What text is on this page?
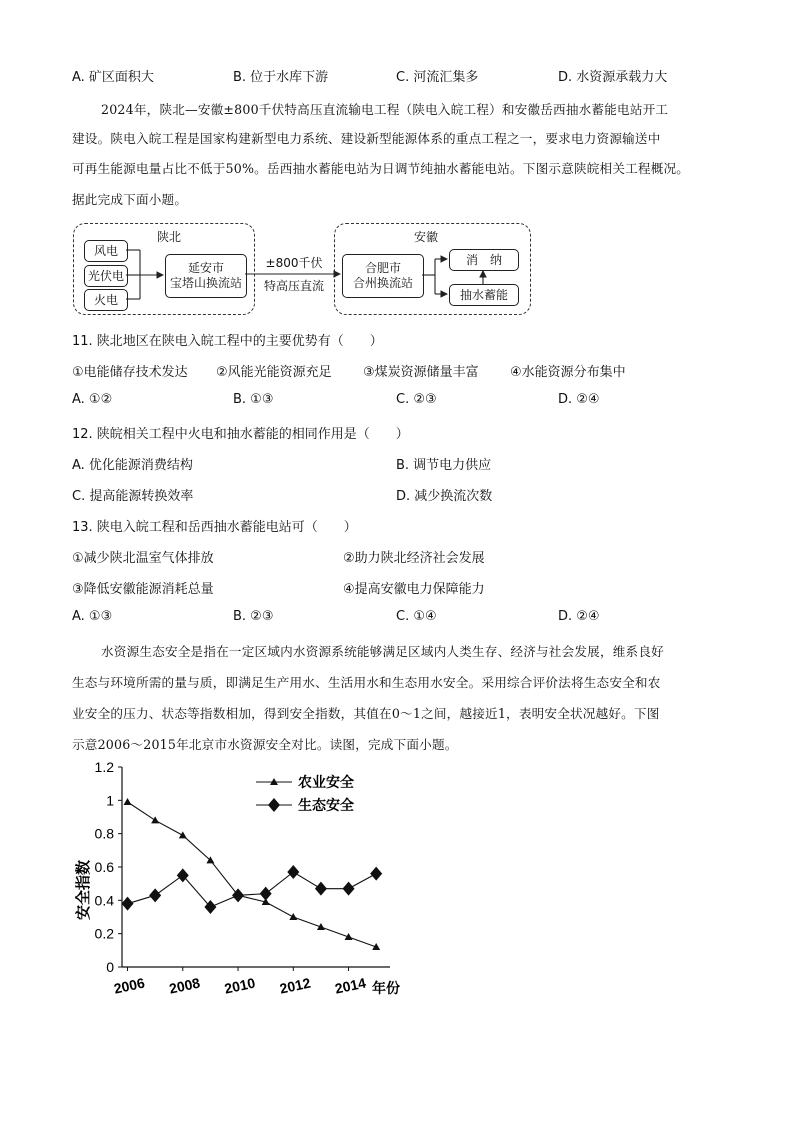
A. 矿区面积大	B. 位于水库下游	C. 河流汇集多	D. 水资源承载力大
2024年，陕北—安徽±800千伏特高压直流输电工程（陕电入皖工程）和安徽岳西抽水蓄能电站开工
建设。陕电入皖工程是国家构建新型电力系统、建设新型能源体系的重点工程之一，要求电力资源输送中
可再生能源电量占比不低于50%。岳西抽水蓄能电站为日调节纯抽水蓄能电站。下图示意陕皖相关工程概况。
据此完成下面小题。
陕北	安徽
风电
光伏电
火电
延安市
宝塔山换流站
±800千伏
特高压直流
合肥市
合州换流站
消　纳
抽水蓄能
11. 陕北地区在陕电入皖工程中的主要优势有（　　）
①电能储存技术发达 ②风能光能资源充足 ③煤炭资源储量丰富 ④水能资源分布集中
A. ①②	B. ①③	C. ②③	D. ②④
12. 陕皖相关工程中火电和抽水蓄能的相同作用是（　　）
A. 优化能源消费结构	B. 调节电力供应
C. 提高能源转换效率	D. 减少换流次数
13. 陕电入皖工程和岳西抽水蓄能电站可（　　）
①减少陕北温室气体排放	②助力陕北经济社会发展
③降低安徽能源消耗总量	④提高安徽电力保障能力
A. ①③	B. ②③	C. ①④	D. ②④
水资源生态安全是指在一定区域内水资源系统能够满足区域内人类生存、经济与社会发展，维系良好
生态与环境所需的量与质，即满足生产用水、生活用水和生态用水安全。采用综合评价法将生态安全和农
业安全的压力、状态等指数相加，得到安全指数，其值在0～1之间，越接近1，表明安全状况越好。下图
示意2006～2015年北京市水资源安全对比。读图，完成下面小题。
0
0.2
0.4
0.6
0.8
1
1.2
2006 2008 2010 2012 2014
农业安全
生态安全
安全指数
年份
